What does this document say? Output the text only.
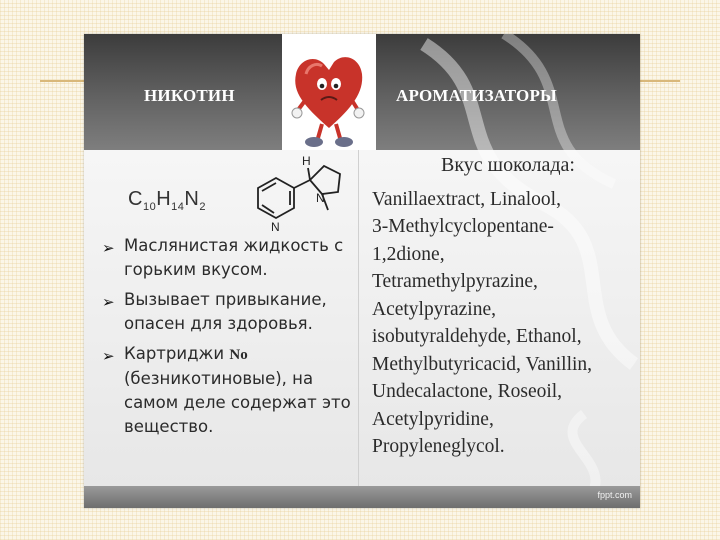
НИКОТИН	АРОМАТИЗАТОРЫ
$C_{10}H_{14}N_2$
H
N
N
➢ Маслянистая жидкость с горьким вкусом.
➢ Вызывает привыкание, опасен для здоровья.
➢ Картриджи No (безникотиновые), на самом деле содержат это вещество.
Вкус шоколада:
Vanillaextract, Linalool,
3-Methylcyclopentane-
1,2dione,
Tetramethylpyrazine,
Acetylpyrazine,
isobutyraldehyde, Ethanol,
Methylbutyricacid, Vanillin,
Undecalactone, Roseoil,
Acetylpyridine,
Propyleneglycol.
fppt.com
